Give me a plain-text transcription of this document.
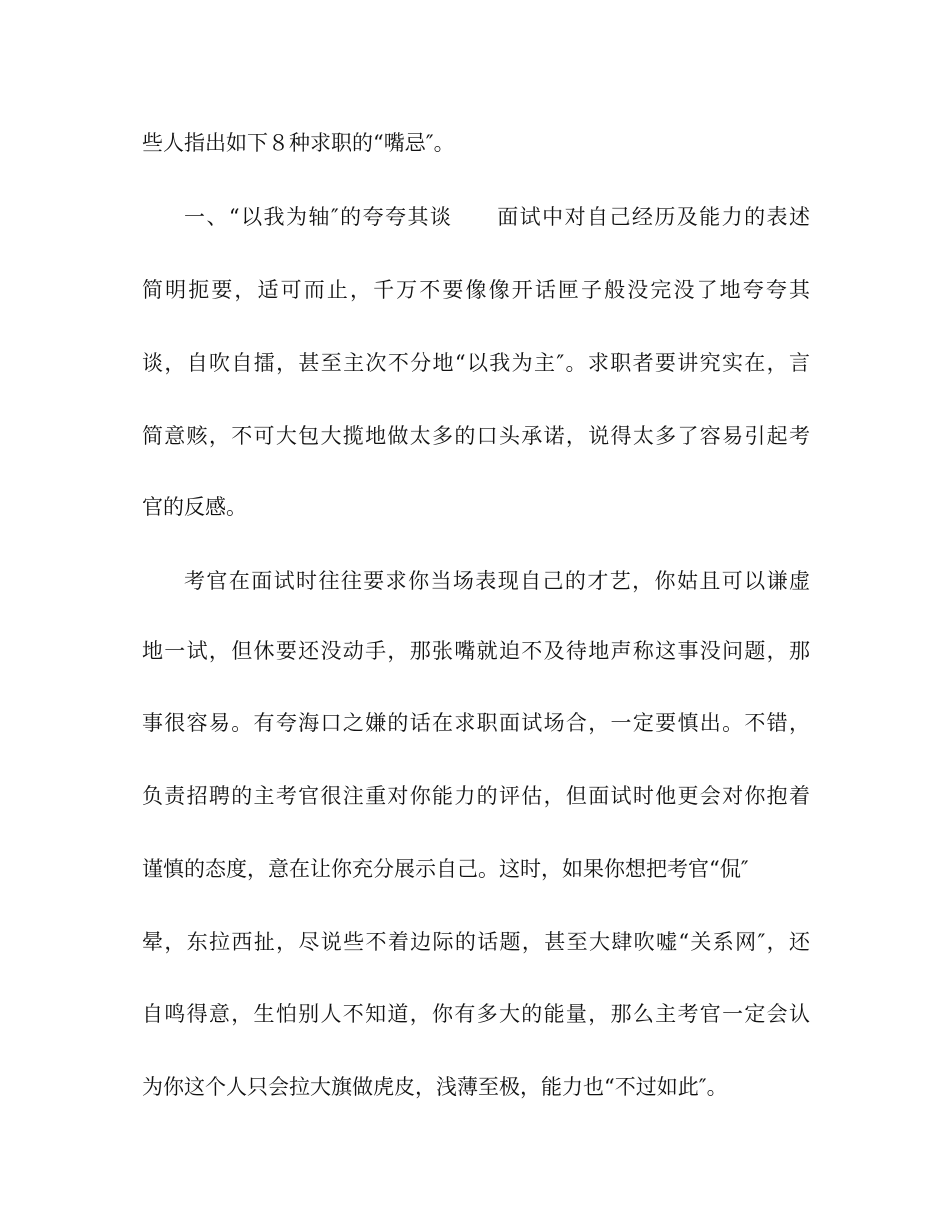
些人指出如下８种求职的“嘴忌″。
一、“以我为轴″的夸夸其谈　　面试中对自己经历及能力的表述
简明扼要，适可而止，千万不要像像开话匣子般没完没了地夸夸其
谈，自吹自擂，甚至主次不分地“以我为主″。求职者要讲究实在，言
简意赅，不可大包大揽地做太多的口头承诺，说得太多了容易引起考
官的反感。
考官在面试时往往要求你当场表现自己的才艺，你姑且可以谦虚
地一试，但休要还没动手，那张嘴就迫不及待地声称这事没问题，那
事很容易。有夸海口之嫌的话在求职面试场合，一定要慎出。不错，
负责招聘的主考官很注重对你能力的评估，但面试时他更会对你抱着
谨慎的态度，意在让你充分展示自己。这时，如果你想把考官“侃″
晕，东拉西扯，尽说些不着边际的话题，甚至大肆吹嘘“关系网″，还
自鸣得意，生怕别人不知道，你有多大的能量，那么主考官一定会认
为你这个人只会拉大旗做虎皮，浅薄至极，能力也“不过如此″。
